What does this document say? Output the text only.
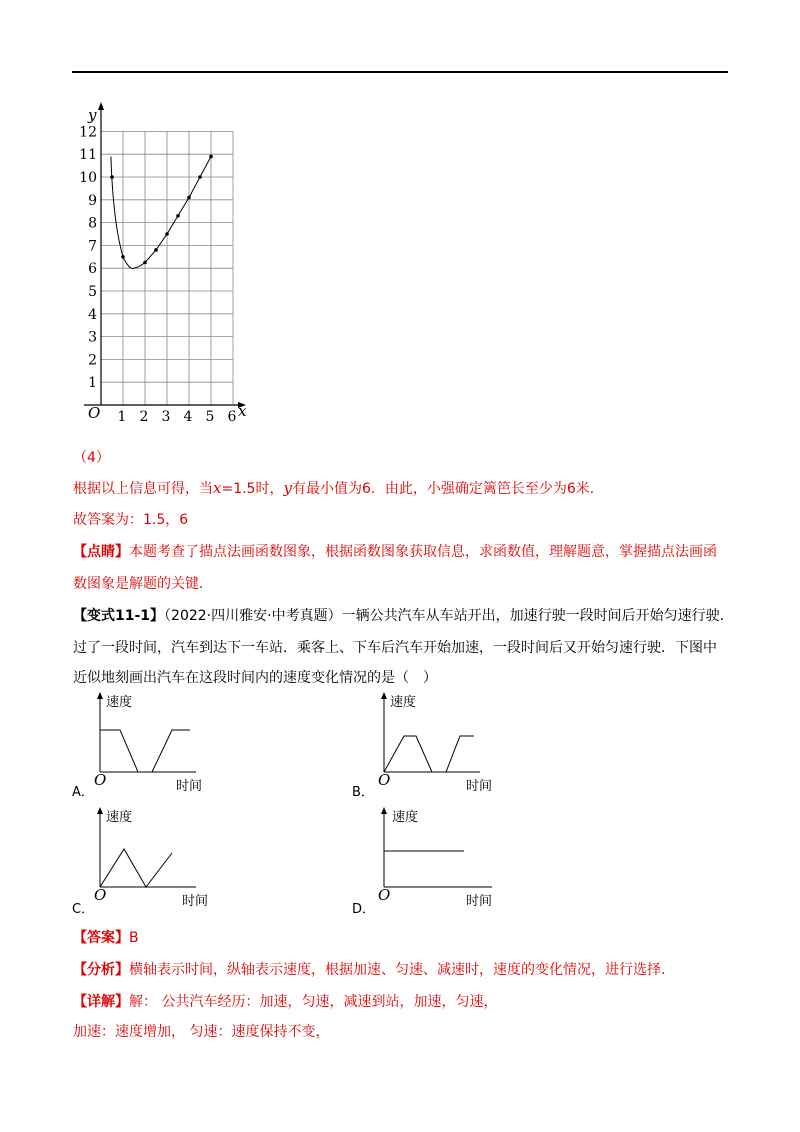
1
2
3
4
5
6
7
8
9
10
11
12
1 2 3 4 5 6
y
x
O
（4）
根据以上信息可得，当x=1.5时，y有最小值为6．由此，小强确定篱笆长至少为6米．
故答案为：1.5，6
【点睛】本题考查了描点法画函数图象，根据函数图象获取信息，求函数值，理解题意，掌握描点法画函
数图象是解题的关键．
【变式11-1】（2022·四川雅安·中考真题）一辆公共汽车从车站开出，加速行驶一段时间后开始匀速行驶．
过了一段时间，汽车到达下一车站．乘客上、下车后汽车开始加速，一段时间后又开始匀速行驶．下图中
近似地刻画出汽车在这段时间内的速度变化情况的是（　）
A．
速度
时间
O
B．
速度
时间
O
C．
速度
时间
O
D．
速度
时间
O
【答案】B
【分析】横轴表示时间，纵轴表示速度，根据加速、匀速、减速时，速度的变化情况，进行选择．
【详解】解： 公共汽车经历：加速，匀速，减速到站，加速，匀速，
加速：速度增加， 匀速：速度保持不变，
